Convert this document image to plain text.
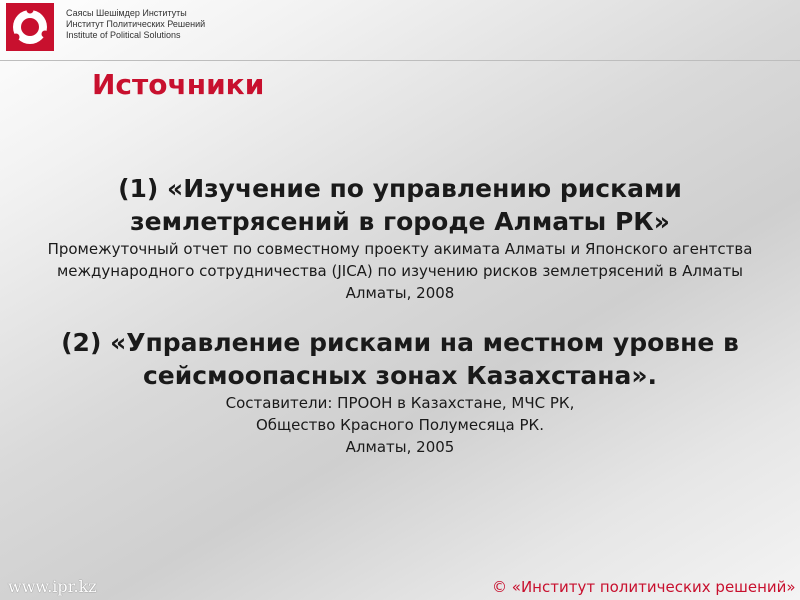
Саясы Шешімдер Институты
Институт Политических Решений
Institute of Political Solutions
Источники
(1) «Изучение по управлению рисками землетрясений в городе Алматы РК»
Промежуточный отчет по совместному проекту акимата Алматы и Японского агентства международного сотрудничества (JICA) по изучению рисков землетрясений в Алматы
Алматы, 2008
(2) «Управление рисками на местном уровне в сейсмоопасных зонах Казахстана».
Составители: ПРООН в Казахстане, МЧС РК,
Общество Красного Полумесяца РК.
Алматы, 2005
www.ipr.kz	© «Институт политических решений»
